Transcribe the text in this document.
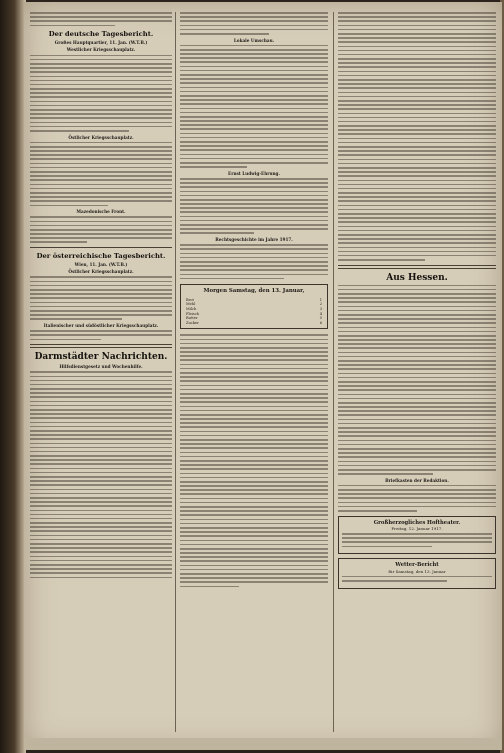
Der deutsche Tagesbericht.
Großes Hauptquartier, 11. Jan. (W.T.B.)
Westlicher Kriegsschauplatz.
Östlicher Kriegsschauplatz.
Mazedonische Front.
Der österreichische Tagesbericht.
Wien, 11. Jan. (W.T.B.)
Östlicher Kriegsschauplatz.
Italienischer und südöstlicher Kriegsschauplatz.
Darmstädter Nachrichten.
Hilfsdienstgesetz und Wochenhilfe.
Lokale Umschau.
Ernst Ludwig-Ehrung.
Rechtsgeschichte im Jahre 1917.
Morgen Samstag, den 13. Januar,
Brot	1
Mehl	2
Milch	3
Fleisch	4
Butter	5
Zucker	6
Aus Hessen.
Briefkasten der Redaktion.
Großherzogliches Hoftheater.
Freitag, 12. Januar 1917.
Wetter-Bericht
für Samstag, den 13. Januar
